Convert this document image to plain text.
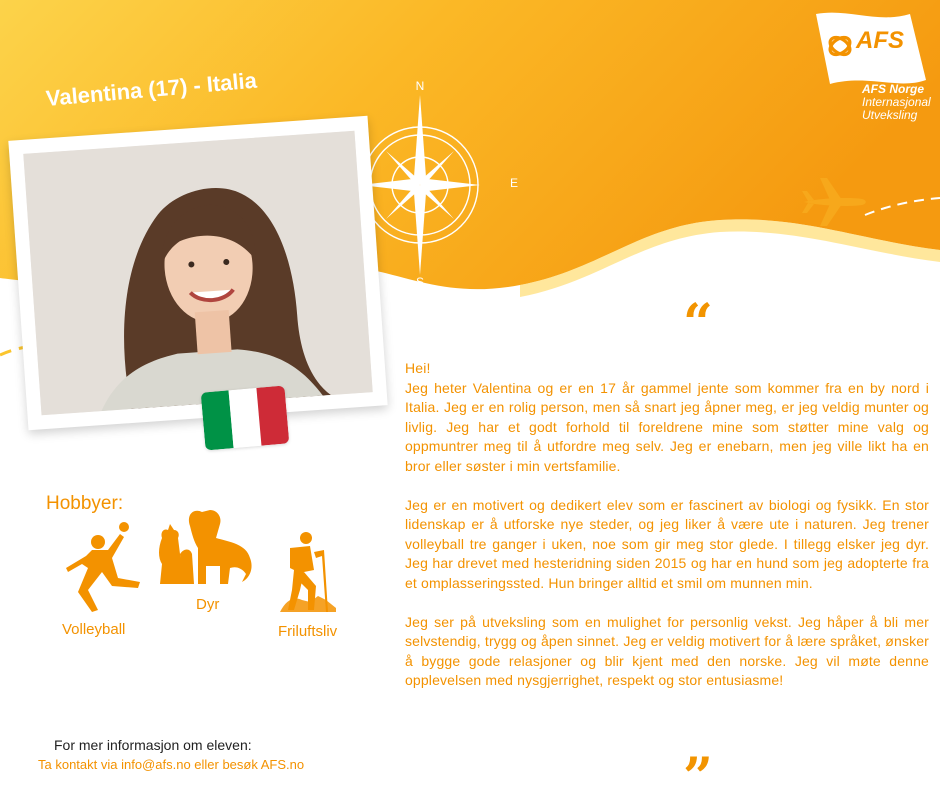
N
S
E
AFS
AFS Norge
Internasjonal
Utveksling
Valentina (17) - Italia
Hobbyer:
Volleyball
Dyr
Friluftsliv
For mer informasjon om eleven:
Ta kontakt via info@afs.no eller besøk AFS.no
“
Hei!

Jeg heter Valentina og er en 17 år gammel jente som kommer fra en by nord i Italia. Jeg er en rolig person, men så snart jeg åpner meg, er jeg veldig munter og livlig. Jeg har et godt forhold til foreldrene mine som støtter mine valg og oppmuntrer meg til å utfordre meg selv. Jeg er enebarn, men jeg ville likt ha en bror eller søster i min vertsfamilie.

Jeg er en motivert og dedikert elev som er fascinert av biologi og fysikk. En stor lidenskap er å utforske nye steder, og jeg liker å være ute i naturen. Jeg trener volleyball tre ganger i uken, noe som gir meg stor glede. I tillegg elsker jeg dyr. Jeg har drevet med hesteridning siden 2015 og har en hund som jeg adopterte fra et omplasseringssted. Hun bringer alltid et smil om munnen min.

Jeg ser på utveksling som en mulighet for personlig vekst. Jeg håper å bli mer selvstendig, trygg og åpen sinnet. Jeg er veldig motivert for å lære språket, ønsker å bygge gode relasjoner og blir kjent med den norske. Jeg vil møte denne opplevelsen med nysgjerrighet, respekt og stor entusiasme!

”
